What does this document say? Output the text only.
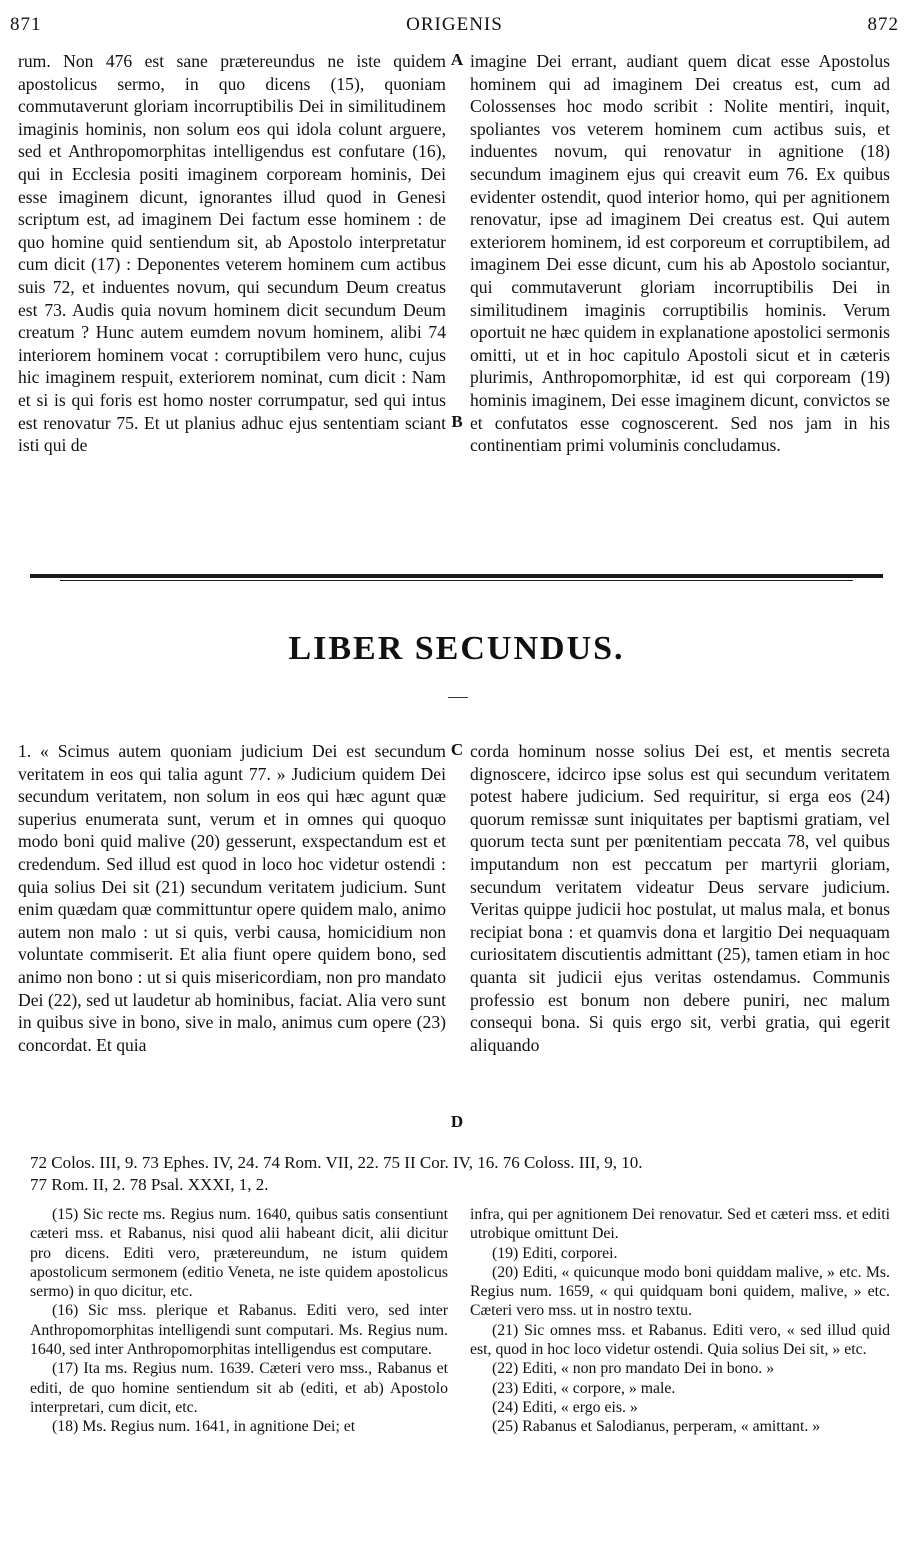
871	ORIGENIS	872

rum. Non 476 est sane prætereundus ne iste quidem apostolicus sermo, in quo dicens (15), quoniam commutaverunt gloriam incorruptibilis Dei in similitudinem imaginis hominis, non solum eos qui idola colunt arguere, sed et Anthropomorphitas intelligendus est confutare (16), qui in Ecclesia positi imaginem corpoream hominis, Dei esse imaginem dicunt, ignorantes illud quod in Genesi scriptum est, ad imaginem Dei factum esse hominem : de quo homine quid sentiendum sit, ab Apostolo interpretatur cum dicit (17) : Deponentes veterem hominem cum actibus suis 72, et induentes novum, qui secundum Deum creatus est 73. Audis quia novum hominem dicit secundum Deum creatum ? Hunc autem eumdem novum hominem, alibi 74 interiorem hominem vocat : corruptibilem vero hunc, cujus hic imaginem respuit, exteriorem nominat, cum dicit : Nam et si is qui foris est homo noster corrumpatur, sed qui intus est renovatur 75. Et ut planius adhuc ejus sententiam sciant isti qui de

A
B

imagine Dei errant, audiant quem dicat esse Apostolus hominem qui ad imaginem Dei creatus est, cum ad Colossenses hoc modo scribit : Nolite mentiri, inquit, spoliantes vos veterem hominem cum actibus suis, et induentes novum, qui renovatur in agnitione (18) secundum imaginem ejus qui creavit eum 76. Ex quibus evidenter ostendit, quod interior homo, qui per agnitionem renovatur, ipse ad imaginem Dei creatus est. Qui autem exteriorem hominem, id est corporeum et corruptibilem, ad imaginem Dei esse dicunt, cum his ab Apostolo sociantur, qui commutaverunt gloriam incorruptibilis Dei in similitudinem imaginis corruptibilis hominis. Verum oportuit ne hæc quidem in explanatione apostolici sermonis omitti, ut et in hoc capitulo Apostoli sicut et in cæteris plurimis, Anthropomorphitæ, id est qui corpoream (19) hominis imaginem, Dei esse imaginem dicunt, convictos se et confutatos esse cognoscerent. Sed nos jam in his continentiam primi voluminis concludamus.

LIBER SECUNDUS.

1. « Scimus autem quoniam judicium Dei est secundum veritatem in eos qui talia agunt 77. » Judicium quidem Dei secundum veritatem, non solum in eos qui hæc agunt quæ superius enumerata sunt, verum et in omnes qui quoquo modo boni quid malive (20) gesserunt, exspectandum est et credendum. Sed illud est quod in loco hoc videtur ostendi : quia solius Dei sit (21) secundum veritatem judicium. Sunt enim quædam quæ committuntur opere quidem malo, animo autem non malo : ut si quis, verbi causa, homicidium non voluntate commiserit. Et alia fiunt opere quidem bono, sed animo non bono : ut si quis misericordiam, non pro mandato Dei (22), sed ut laudetur ab hominibus, faciat. Alia vero sunt in quibus sive in bono, sive in malo, animus cum opere (23) concordat. Et quia

C
D

corda hominum nosse solius Dei est, et mentis secreta dignoscere, idcirco ipse solus est qui secundum veritatem potest habere judicium. Sed requiritur, si erga eos (24) quorum remissæ sunt iniquitates per baptismi gratiam, vel quorum tecta sunt per pœnitentiam peccata 78, vel quibus imputandum non est peccatum per martyrii gloriam, secundum veritatem videatur Deus servare judicium. Veritas quippe judicii hoc postulat, ut malus mala, et bonus recipiat bona : et quamvis dona et largitio Dei nequaquam curiositatem discutientis admittant (25), tamen etiam in hoc quanta sit judicii ejus veritas ostendamus. Communis professio est bonum non debere puniri, nec malum consequi bona. Si quis ergo sit, verbi gratia, qui egerit aliquando

72 Colos. III, 9. 73 Ephes. IV, 24. 74 Rom. VII, 22. 75 II Cor. IV, 16. 76 Coloss. III, 9, 10.

77 Rom. II, 2. 78 Psal. XXXI, 1, 2.

(15) Sic recte ms. Regius num. 1640, quibus satis consentiunt cæteri mss. et Rabanus, nisi quod alii habeant dicit, alii dicitur pro dicens. Editi vero, prætereundum, ne istum quidem apostolicum sermonem (editio Veneta, ne iste quidem apostolicus sermo) in quo dicitur, etc.

(16) Sic mss. plerique et Rabanus. Editi vero, sed inter Anthropomorphitas intelligendi sunt computari. Ms. Regius num. 1640, sed inter Anthropomorphitas intelligendus est computare.

(17) Ita ms. Regius num. 1639. Cæteri vero mss., Rabanus et editi, de quo homine sentiendum sit ab (editi, et ab) Apostolo interpretari, cum dicit, etc.

(18) Ms. Regius num. 1641, in agnitione Dei; et

infra, qui per agnitionem Dei renovatur. Sed et cæteri mss. et editi utrobique omittunt Dei.

(19) Editi, corporei.

(20) Editi, « quicunque modo boni quiddam malive, » etc. Ms. Regius num. 1659, « qui quidquam boni quidem, malive, » etc. Cæteri vero mss. ut in nostro textu.

(21) Sic omnes mss. et Rabanus. Editi vero, « sed illud quid est, quod in hoc loco videtur ostendi. Quia solius Dei sit, » etc.

(22) Editi, « non pro mandato Dei in bono. »

(23) Editi, « corpore, » male.

(24) Editi, « ergo eis. »

(25) Rabanus et Salodianus, perperam, « amittant. »
